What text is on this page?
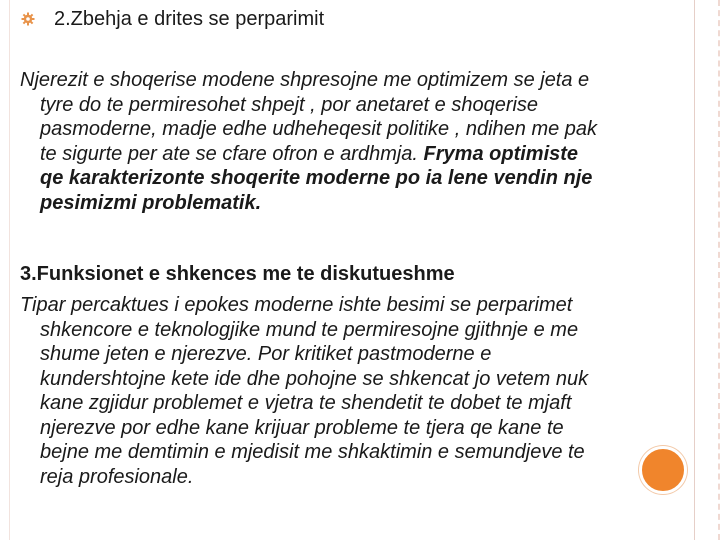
2.Zbehja e drites se perparimit
Njerezit e shoqerise modene shpresojne me optimizem se jeta e
tyre do te permiresohet shpejt , por anetaret e shoqerise
pasmoderne, madje edhe udheheqesit politike , ndihen me pak
te sigurte per ate se cfare ofron e ardhmja. Fryma optimiste
qe karakterizonte shoqerite moderne po ia lene vendin nje
pesimizmi problematik.
3.Funksionet e shkences me te diskutueshme
Tipar percaktues i epokes moderne ishte besimi se perparimet
shkencore e teknologjike mund te permiresojne gjithnje e me
shume jeten e njerezve. Por kritiket pastmoderne e
kundershtojne kete ide dhe pohojne se shkencat jo vetem nuk
kane zgjidur problemet e vjetra te shendetit te dobet te mjaft
njerezve por edhe kane krijuar probleme te tjera qe kane te
bejne me demtimin e mjedisit me shkaktimin e semundjeve te
reja profesionale.
